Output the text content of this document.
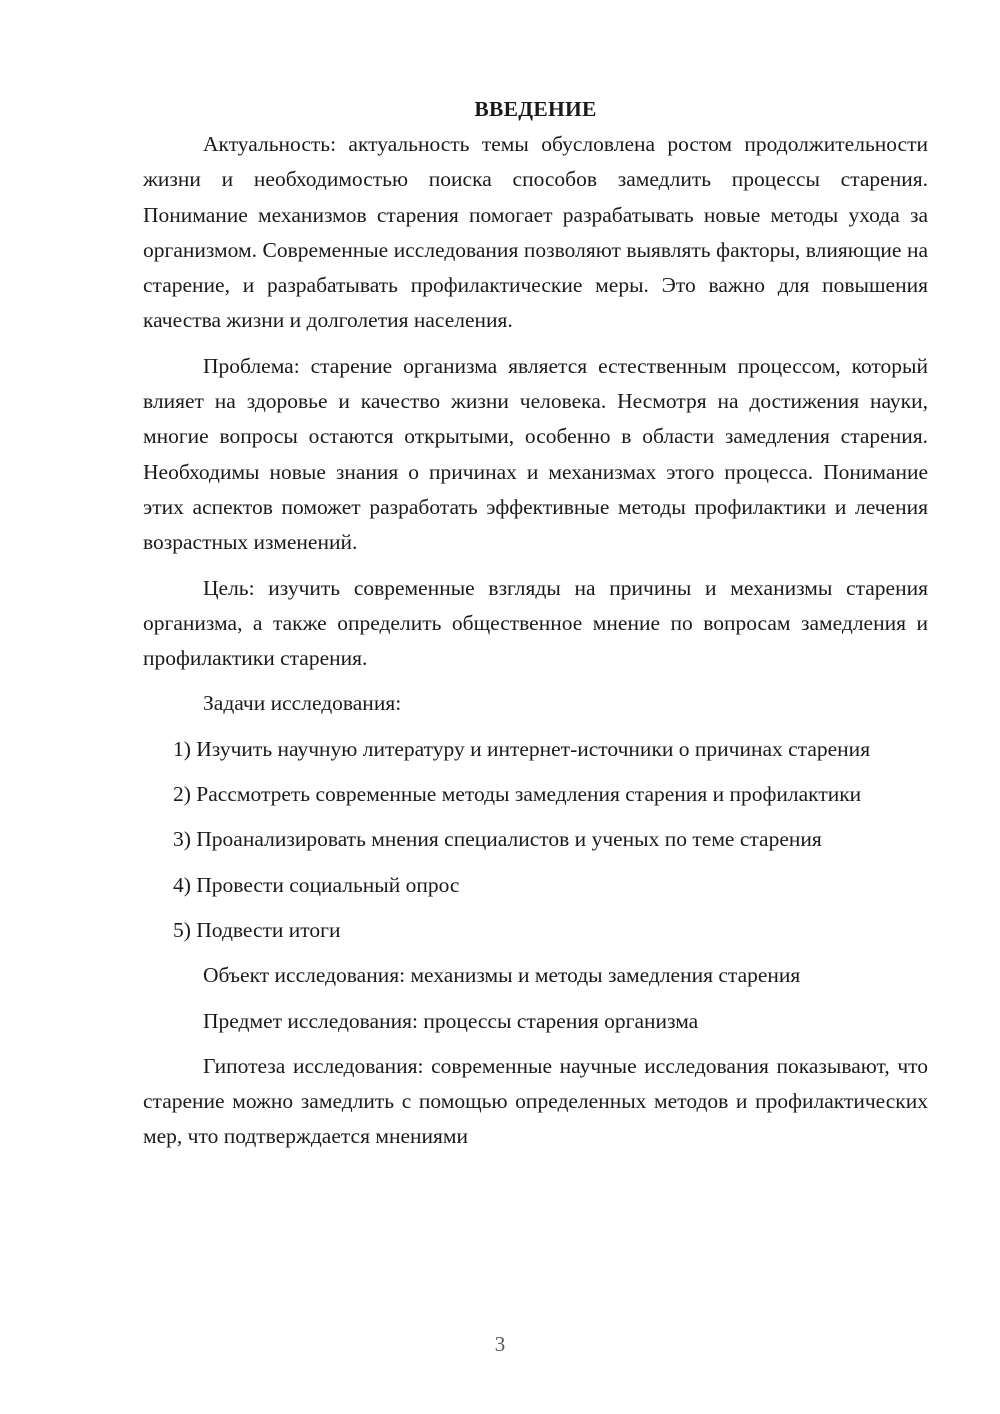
ВВЕДЕНИЕ

Актуальность: актуальность темы обусловлена ростом продолжительности жизни и необходимостью поиска способов замедлить процессы старения. Понимание механизмов старения помогает разрабатывать новые методы ухода за организмом. Современные исследования позволяют выявлять факторы, влияющие на старение, и разрабатывать профилактические меры. Это важно для повышения качества жизни и долголетия населения.

Проблема: старение организма является естественным процессом, который влияет на здоровье и качество жизни человека. Несмотря на достижения науки, многие вопросы остаются открытыми, особенно в области замедления старения. Необходимы новые знания о причинах и механизмах этого процесса. Понимание этих аспектов поможет разработать эффективные методы профилактики и лечения возрастных изменений.

Цель: изучить современные взгляды на причины и механизмы старения организма, а также определить общественное мнение по вопросам замедления и профилактики старения.

Задачи исследования:

1) Изучить научную литературу и интернет-источники о причинах старения

2) Рассмотреть современные методы замедления старения и профилактики

3) Проанализировать мнения специалистов и ученых по теме старения

4) Провести социальный опрос

5) Подвести итоги

Объект исследования: механизмы и методы замедления старения

Предмет исследования: процессы старения организма

Гипотеза исследования: современные научные исследования показывают, что старение можно замедлить с помощью определенных методов и профилактических мер, что подтверждается мнениями

3
